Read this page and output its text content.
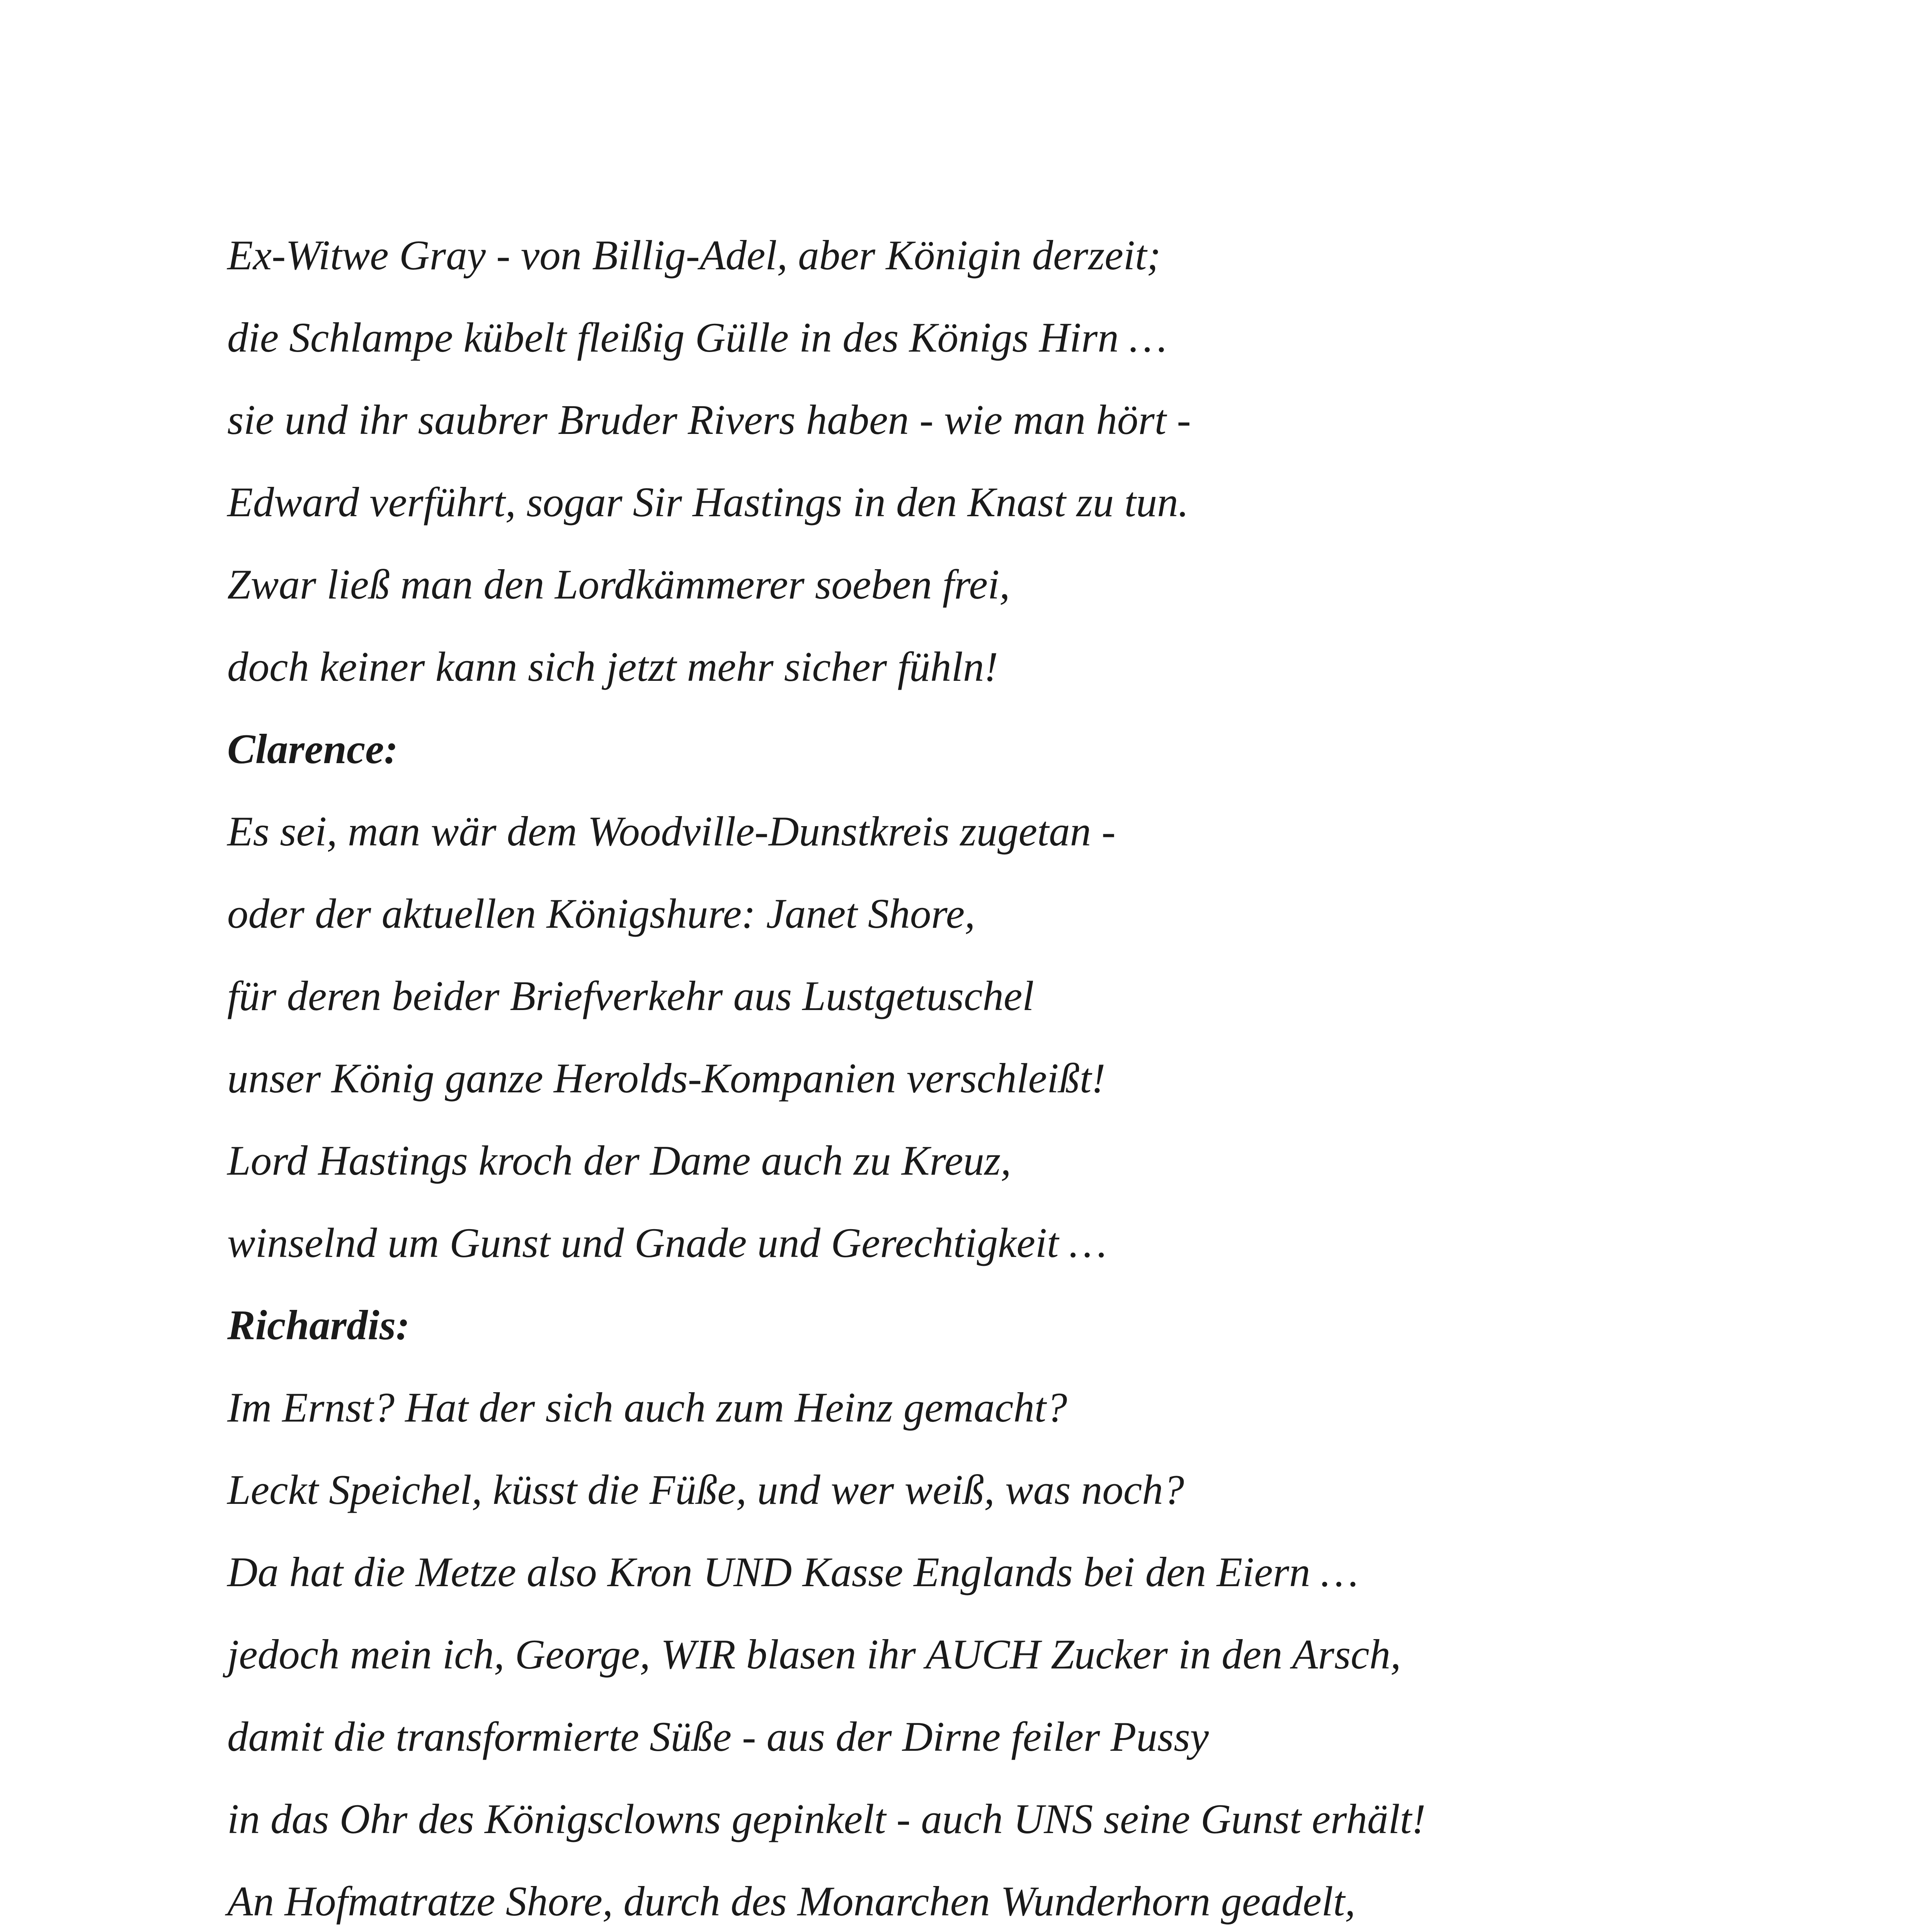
Ex-Witwe Gray - von Billig-Adel, aber Königin derzeit;
die Schlampe kübelt fleißig Gülle in des Königs Hirn …
sie und ihr saubrer Bruder Rivers haben - wie man hört -
Edward verführt, sogar Sir Hastings in den Knast zu tun.
Zwar ließ man den Lordkämmerer soeben frei,
doch keiner kann sich jetzt mehr sicher fühln!
Clarence:
Es sei, man wär dem Woodville-Dunstkreis zugetan -
oder der aktuellen Königshure: Janet Shore,
für deren beider Briefverkehr aus Lustgetuschel
unser König ganze Herolds-Kompanien verschleißt!
Lord Hastings kroch der Dame auch zu Kreuz,
winselnd um Gunst und Gnade und Gerechtigkeit …
Richardis:
Im Ernst? Hat der sich auch zum Heinz gemacht?
Leckt Speichel, küsst die Füße, und wer weiß, was noch?
Da hat die Metze also Kron UND Kasse Englands bei den Eiern …
jedoch mein ich, George, WIR blasen ihr AUCH Zucker in den Arsch,
damit die transformierte Süße - aus der Dirne feiler Pussy
in das Ohr des Königsclowns gepinkelt - auch UNS seine Gunst erhält!
An Hofmatratze Shore, durch des Monarchen Wunderhorn geadelt,
